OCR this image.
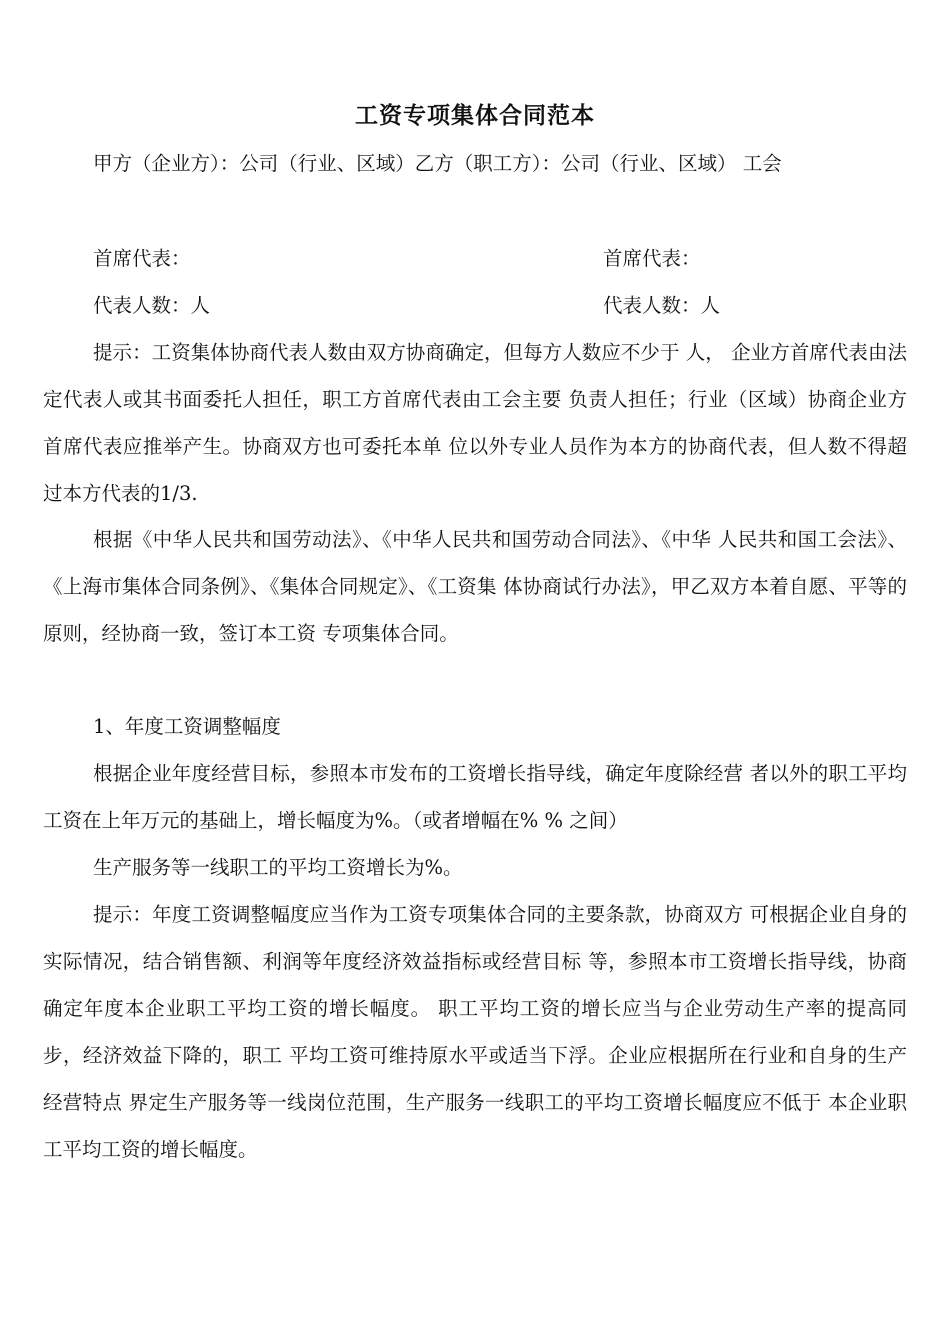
工资专项集体合同范本

甲方（企业方）：公司（行业、区域）乙方（职工方）：公司（行业、区域） 工会

首席代表：	首席代表：

代表人数：人	代表人数：人

提示：工资集体协商代表人数由双方协商确定，但每方人数应不少于 人， 企业方首席代表由法定代表人或其书面委托人担任，职工方首席代表由工会主要 负责人担任；行业（区域）协商企业方首席代表应推举产生。协商双方也可委托本单 位以外专业人员作为本方的协商代表，但人数不得超过本方代表的1/3.

根据《中华人民共和国劳动法》、《中华人民共和国劳动合同法》、《中华 人民共和国工会法》、《上海市集体合同条例》、《集体合同规定》、《工资集 体协商试行办法》，甲乙双方本着自愿、平等的原则，经协商一致，签订本工资 专项集体合同。

1、年度工资调整幅度

根据企业年度经营目标，参照本市发布的工资增长指导线，确定年度除经营 者以外的职工平均工资在上年万元的基础上，增长幅度为%。（或者增幅在% % 之间）

生产服务等一线职工的平均工资增长为%。

提示：年度工资调整幅度应当作为工资专项集体合同的主要条款，协商双方 可根据企业自身的实际情况，结合销售额、利润等年度经济效益指标或经营目标 等，参照本市工资增长指导线，协商确定年度本企业职工平均工资的增长幅度。 职工平均工资的增长应当与企业劳动生产率的提高同步，经济效益下降的，职工 平均工资可维持原水平或适当下浮。企业应根据所在行业和自身的生产经营特点 界定生产服务等一线岗位范围，生产服务一线职工的平均工资增长幅度应不低于 本企业职工平均工资的增长幅度。
